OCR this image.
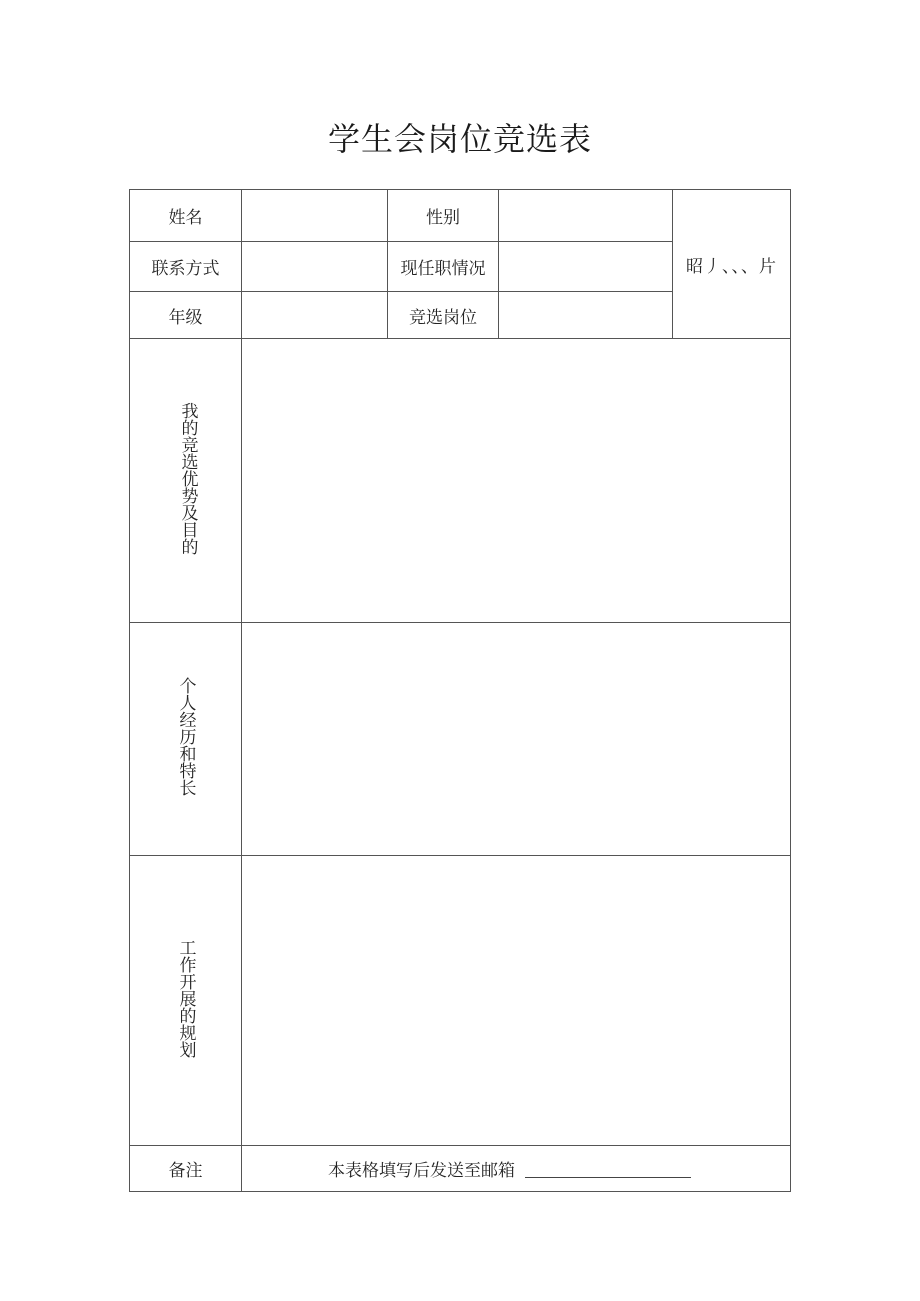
学生会岗位竞选表
姓名		性别		昭⼃、、、片
联系方式		现任职情况		
年级		竞选岗位		
我的竞选优势及目的				
个人经历和特长				
工作开展的规划				
备注	本表格填写后发送至邮箱			
